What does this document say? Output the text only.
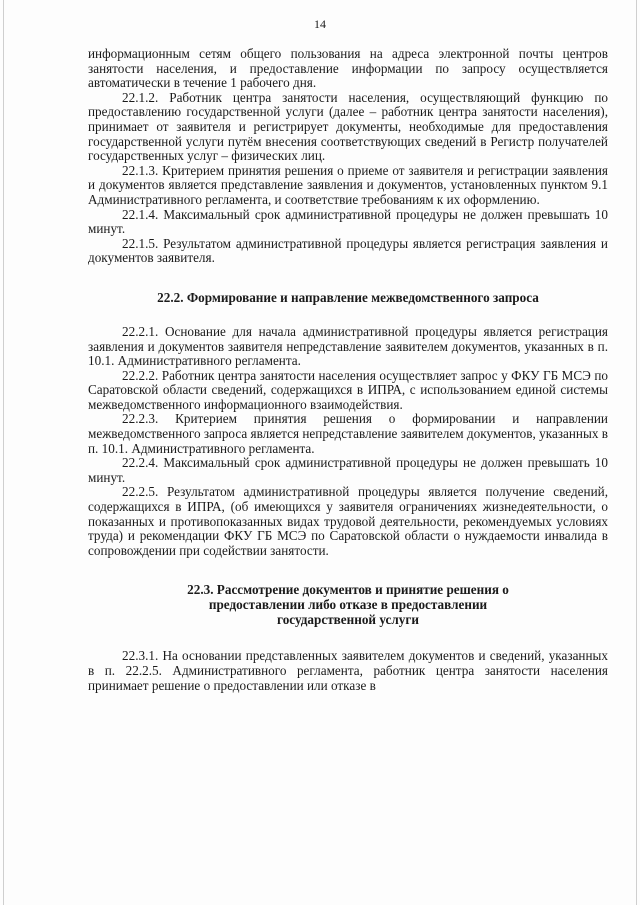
14

информационным сетям общего пользования на адреса электронной почты центров занятости населения, и предоставление информации по запросу осуществляется автоматически в течение 1 рабочего дня.

22.1.2. Работник центра занятости населения, осуществляющий функцию по предоставлению государственной услуги (далее – работник центра занятости населения), принимает от заявителя и регистрирует документы, необходимые для предоставления государственной услуги путём внесения соответствующих сведений в Регистр получателей государственных услуг – физических лиц.

22.1.3. Критерием принятия решения о приеме от заявителя и регистрации заявления и документов является представление заявления и документов, установленных пунктом 9.1 Административного регламента, и соответствие требованиям к их оформлению.

22.1.4. Максимальный срок административной процедуры не должен превышать 10 минут.

22.1.5. Результатом административной процедуры является регистрация заявления и документов заявителя.

22.2. Формирование и направление межведомственного запроса

22.2.1. Основание для начала административной процедуры является регистрация заявления и документов заявителя непредставление заявителем документов, указанных в п. 10.1. Административного регламента.

22.2.2. Работник центра занятости населения осуществляет запрос у ФКУ ГБ МСЭ по Саратовской области сведений, содержащихся в ИПРА, с использованием единой системы межведомственного информационного взаимодействия.

22.2.3. Критерием принятия решения о формировании и направлении межведомственного запроса является непредставление заявителем документов, указанных в п. 10.1. Административного регламента.

22.2.4. Максимальный срок административной процедуры не должен превышать 10 минут.

22.2.5. Результатом административной процедуры является получение сведений, содержащихся в ИПРА, (об имеющихся у заявителя ограничениях жизнедеятельности, о показанных и противопоказанных видах трудовой деятельности, рекомендуемых условиях труда) и рекомендации ФКУ ГБ МСЭ по Саратовской области о нуждаемости инвалида в сопровождении при содействии занятости.

22.3. Рассмотрение документов и принятие решения о
предоставлении либо отказе в предоставлении
государственной услуги

22.3.1. На основании представленных заявителем документов и сведений, указанных в п. 22.2.5. Административного регламента, работник центра занятости населения принимает решение о предоставлении или отказе в
